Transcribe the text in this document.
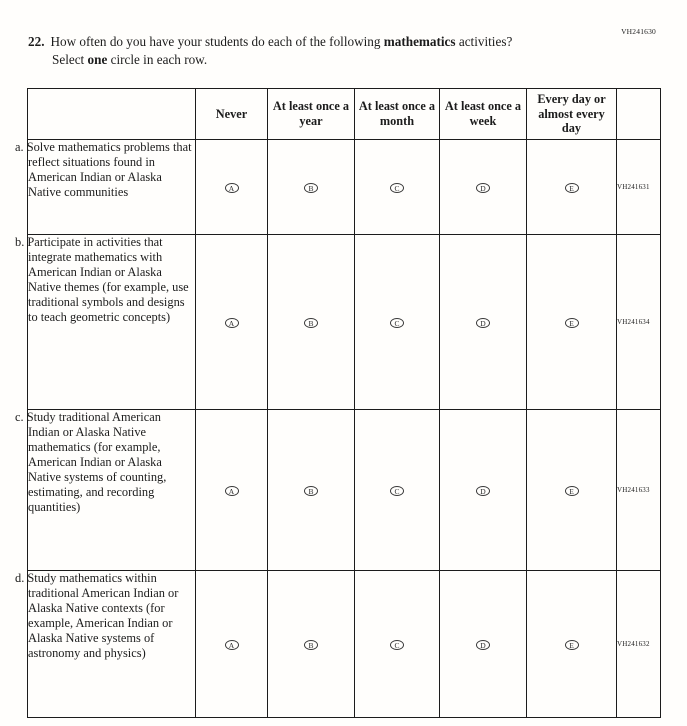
VH241630
22. How often do you have your students do each of the following mathematics activities?
Select one circle in each row.
	Never	At least once a year	At least once a month	At least once a week	Every day or almost every day	
a. Solve mathematics problems that reflect situations found in American Indian or Alaska Native communities	A	B	C	D	E	VH241631
b. Participate in activities that integrate mathematics with American Indian or Alaska Native themes (for example, use traditional symbols and designs to teach geometric concepts)	A	B	C	D	E	VH241634
c. Study traditional American Indian or Alaska Native mathematics (for example, American Indian or Alaska Native systems of counting, estimating, and recording quantities)	A	B	C	D	E	VH241633
d. Study mathematics within traditional American Indian or Alaska Native contexts (for example, American Indian or Alaska Native systems of astronomy and physics)	A	B	C	D	E	VH241632
